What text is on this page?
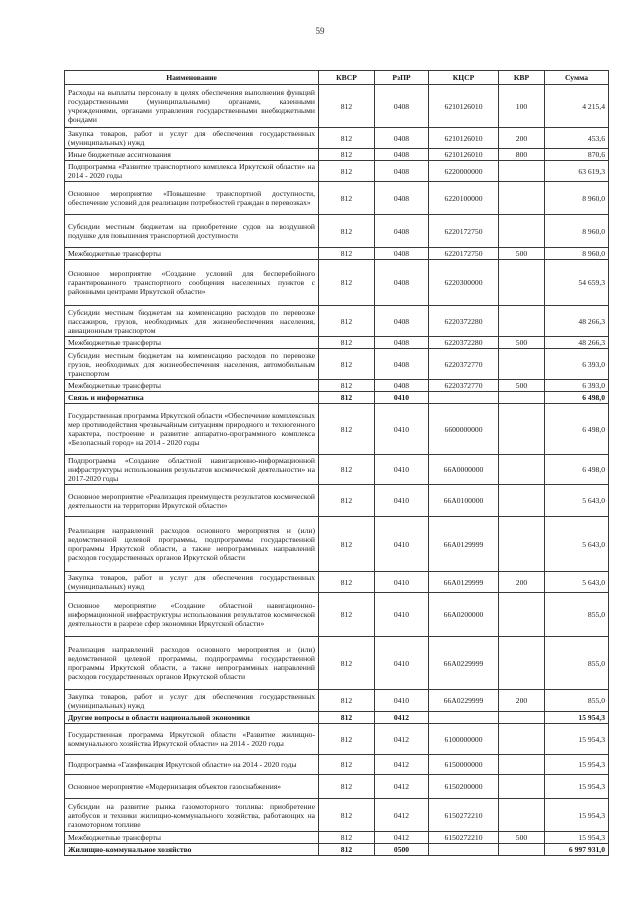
59
Наименование	КВСР	РзПР	КЦСР	КВР	Сумма
Расходы на выплаты персоналу в целях обеспечения выполнения функций государственными (муниципальными) органами, казенными учреждениями, органами управления государственными внебюджетными фондами	812	0408	6210126010	100	4 215,4
Закупка товаров, работ и услуг для обеспечения государственных (муниципальных) нужд	812	0408	6210126010	200	453,6
Иные бюджетные ассигнования	812	0408	6210126010	800	870,6
Подпрограмма «Развитие транспортного комплекса Иркутской области» на 2014 - 2020 годы	812	0408	6220000000		63 619,3
Основное мероприятие «Повышение транспортной доступности, обеспечение условий для реализации потребностей граждан в перевозках»	812	0408	6220100000		8 960,0
Субсидии местным бюджетам на приобретение судов на воздушной подушке для повышения транспортной доступности	812	0408	6220172750		8 960,0
Межбюджетные трансферты	812	0408	6220172750	500	8 960,0
Основное мероприятие «Создание условий для бесперебойного гарантированного транспортного сообщения населенных пунктов с районными центрами Иркутской области»	812	0408	6220300000		54 659,3
Субсидии местным бюджетам на компенсацию расходов по перевозке пассажиров, грузов, необходимых для жизнеобеспечения населения, авиационным транспортом	812	0408	6220372280		48 266,3
Межбюджетные трансферты	812	0408	6220372280	500	48 266,3
Субсидии местным бюджетам на компенсацию расходов по перевозке грузов, необходимых для жизнеобеспечения населения, автомобильным транспортом	812	0408	6220372770		6 393,0
Межбюджетные трансферты	812	0408	6220372770	500	6 393,0
Связь и информатика	812	0410			6 498,0
Государственная программа Иркутской области «Обеспечение комплексных мер противодействия чрезвычайным ситуациям природного и техногенного характера, построение и развитие аппаратно-программного комплекса «Безопасный город» на 2014 - 2020 годы	812	0410	6600000000		6 498,0
Подпрограмма «Создание областной навигационно-информационной инфраструктуры использования результатов космической деятельности» на 2017-2020 годы	812	0410	66А0000000		6 498,0
Основное мероприятие «Реализация преимуществ результатов космической деятельности на территории Иркутской области»	812	0410	66А0100000		5 643,0
Реализация направлений расходов основного мероприятия и (или) ведомственной целевой программы, подпрограммы государственной программы Иркутской области, а также непрограммных направлений расходов государственных органов Иркутской области	812	0410	66А0129999		5 643,0
Закупка товаров, работ и услуг для обеспечения государственных (муниципальных) нужд	812	0410	66А0129999	200	5 643,0
Основное мероприятие «Создание областной навигационно-информационной инфраструктуры использования результатов космической деятельности в разрезе сфер экономики Иркутской области»	812	0410	66А0200000		855,0
Реализация направлений расходов основного мероприятия и (или) ведомственной целевой программы, подпрограммы государственной программы Иркутской области, а также непрограммных направлений расходов государственных органов Иркутской области	812	0410	66А0229999		855,0
Закупка товаров, работ и услуг для обеспечения государственных (муниципальных) нужд	812	0410	66А0229999	200	855,0
Другие вопросы в области национальной экономики	812	0412			15 954,3
Государственная программа Иркутской области «Развитие жилищно-коммунального хозяйства Иркутской области» на 2014 - 2020 годы	812	0412	6100000000		15 954,3
Подпрограмма «Газификация Иркутской области» на 2014 - 2020 годы	812	0412	6150000000		15 954,3
Основное мероприятие «Модернизация объектов газоснабжения»	812	0412	6150200000		15 954,3
Субсидии на развитие рынка газомоторного топлива: приобретение автобусов и техники жилищно-коммунального хозяйства, работающих на газомоторном топливе	812	0412	6150272210		15 954,3
Межбюджетные трансферты	812	0412	6150272210	500	15 954,3
Жилищно-коммунальное хозяйство	812	0500			6 997 931,0
